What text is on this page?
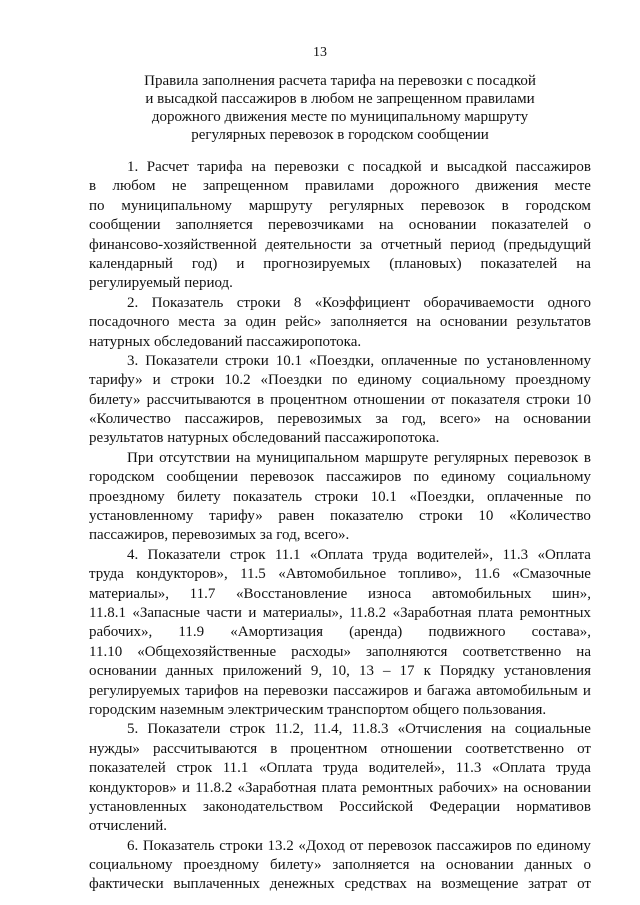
13
Правила заполнения расчета тарифа на перевозки с посадкой
и высадкой пассажиров в любом не запрещенном правилами
дорожного движения месте по муниципальному маршруту
регулярных перевозок в городском сообщении
1. Расчет тарифа на перевозки с посадкой и высадкой пассажиров
в любом не запрещенном правилами дорожного движения месте
по муниципальному маршруту регулярных перевозок в городском
сообщении заполняется перевозчиками на основании показателей о
финансово-хозяйственной деятельности за отчетный период (предыдущий
календарный год) и прогнозируемых (плановых) показателей на
регулируемый период.
2. Показатель строки 8 «Коэффициент оборачиваемости одного
посадочного места за один рейс» заполняется на основании результатов
натурных обследований пассажиропотока.
3. Показатели строки 10.1 «Поездки, оплаченные по установленному
тарифу» и строки 10.2 «Поездки по единому социальному проездному
билету» рассчитываются в процентном отношении от показателя строки 10
«Количество пассажиров, перевозимых за год, всего» на основании
результатов натурных обследований пассажиропотока.
При отсутствии на муниципальном маршруте регулярных перевозок в
городском сообщении перевозок пассажиров по единому социальному
проездному билету показатель строки 10.1 «Поездки, оплаченные по
установленному тарифу» равен показателю строки 10 «Количество
пассажиров, перевозимых за год, всего».
4. Показатели строк 11.1 «Оплата труда водителей», 11.3 «Оплата
труда кондукторов», 11.5 «Автомобильное топливо», 11.6 «Смазочные
материалы», 11.7 «Восстановление износа автомобильных шин»,
11.8.1 «Запасные части и материалы», 11.8.2 «Заработная плата ремонтных
рабочих», 11.9 «Амортизация (аренда) подвижного состава»,
11.10 «Общехозяйственные расходы» заполняются соответственно на
основании данных приложений 9, 10, 13 – 17 к Порядку установления
регулируемых тарифов на перевозки пассажиров и багажа автомобильным и
городским наземным электрическим транспортом общего пользования.
5. Показатели строк 11.2, 11.4, 11.8.3 «Отчисления на социальные
нужды» рассчитываются в процентном отношении соответственно от
показателей строк 11.1 «Оплата труда водителей», 11.3 «Оплата труда
кондукторов» и 11.8.2 «Заработная плата ремонтных рабочих» на основании
установленных законодательством Российской Федерации нормативов
отчислений.
6. Показатель строки 13.2 «Доход от перевозок пассажиров по единому
социальному проездному билету» заполняется на основании данных о
фактически выплаченных денежных средствах на возмещение затрат от
